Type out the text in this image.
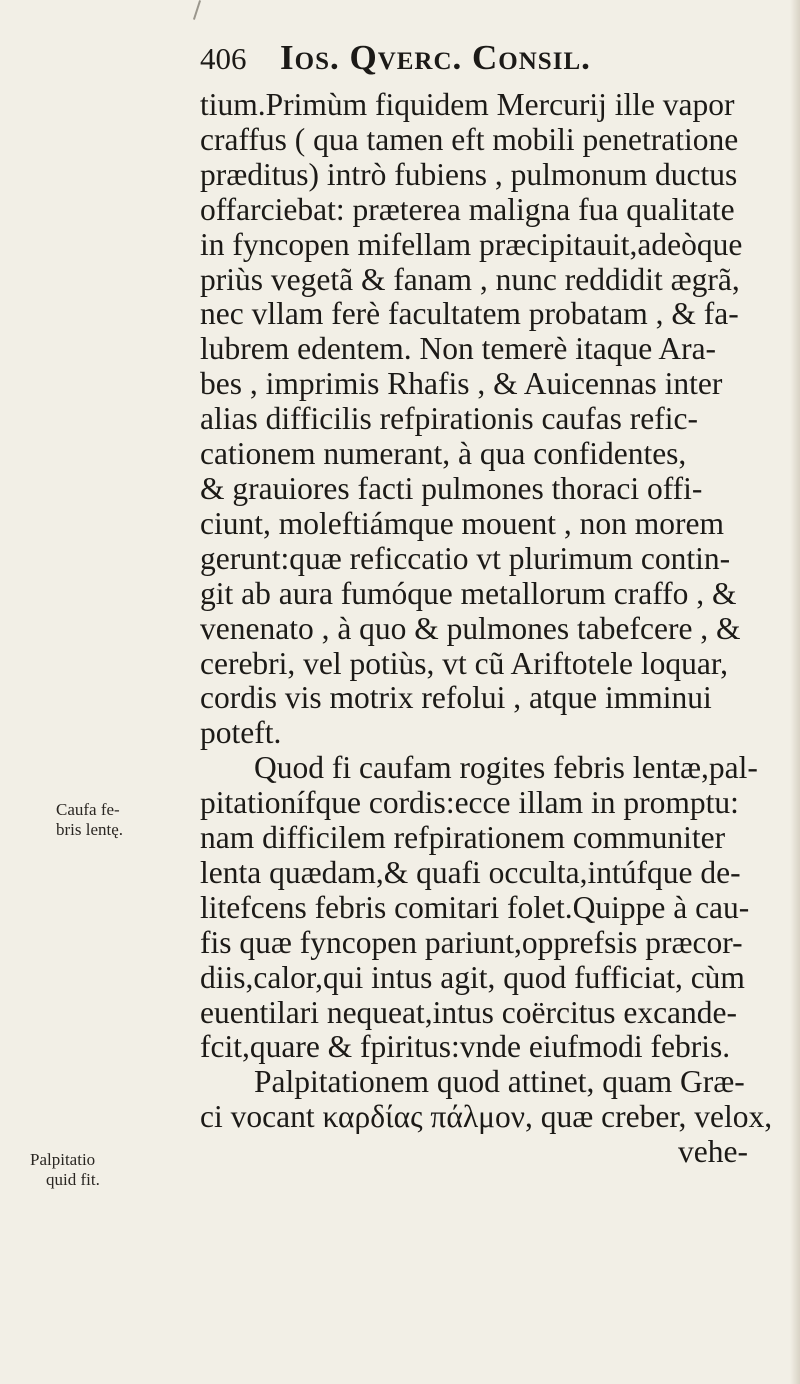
406 Ios. Qverc. Consil.
Caufa fe-
bris lentę.
Palpitatio
quid fit.
tium.Primùm fiquidem Mercurij ille vapor
craffus ( qua tamen eft mobili penetratione
præditus) intrò fubiens , pulmonum ductus
offarciebat: præterea maligna fua qualitate
in fyncopen mifellam præcipitauit,adeòque
priùs vegetã & fanam , nunc reddidit ægrã,
nec vllam ferè facultatem probatam , & fa-
lubrem edentem. Non temerè itaque Ara-
bes , imprimis Rhafis , & Auicennas inter
alias difficilis refpirationis caufas refic-
cationem numerant, à qua confidentes,
& grauiores facti pulmones thoraci offi-
ciunt, moleftiámque mouent , non morem
gerunt:quæ reficcatio vt plurimum contin-
git ab aura fumóque metallorum craffo , &
venenato , à quo & pulmones tabefcere , &
cerebri, vel potiùs, vt cũ Ariftotele loquar,
cordis vis motrix refolui , atque imminui
poteft.
Quod fi caufam rogites febris lentæ,pal-
pitationífque cordis:ecce illam in promptu:
nam difficilem refpirationem communiter
lenta quædam,& quafi occulta,intúfque de-
litefcens febris comitari folet.Quippe à cau-
fis quæ fyncopen pariunt,opprefsis præcor-
diis,calor,qui intus agit, quod fufficiat, cùm
euentilari nequeat,intus coërcitus excande-
fcit,quare & fpiritus:vnde eiufmodi febris.
Palpitationem quod attinet, quam Græ-
ci vocant καρδίας πάλμον, quæ creber, velox,
vehe-
